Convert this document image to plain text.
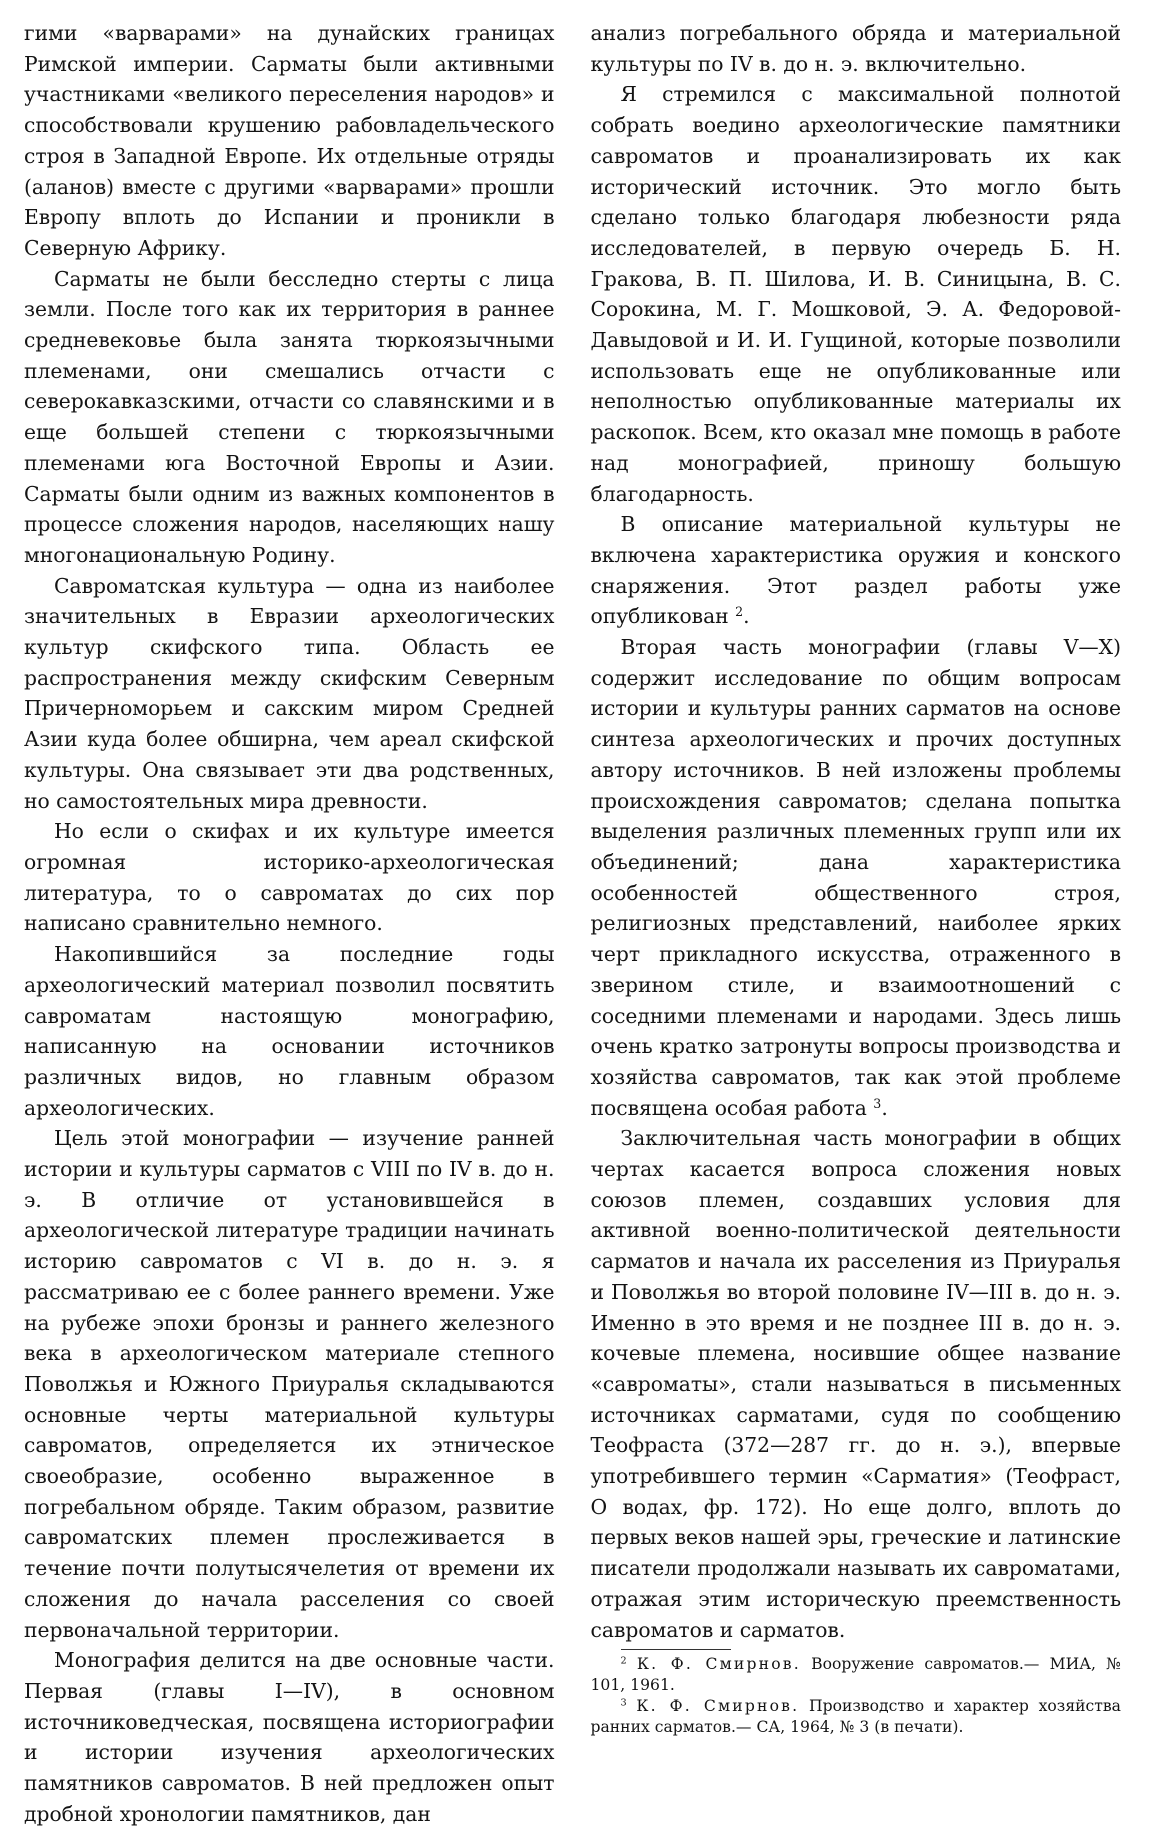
гими «варварами» на дунайских границах Римской империи. Сарматы были активными участниками «великого переселения народов» и способствовали крушению рабовладельческого строя в Западной Европе. Их отдельные отряды (аланов) вместе с другими «варварами» прошли Европу вплоть до Испании и проникли в Северную Африку.

Сарматы не были бесследно стерты с лица земли. После того как их территория в раннее средневековье была занята тюркоязычными племенами, они смешались отчасти с северокавказскими, отчасти со славянскими и в еще большей степени с тюркоязычными племенами юга Восточной Европы и Азии. Сарматы были одним из важных компонентов в процессе сложения народов, населяющих нашу многонациональную Родину.

Савроматская культура — одна из наиболее значительных в Евразии археологических культур скифского типа. Область ее распространения между скифским Северным Причерноморьем и сакским миром Средней Азии куда более обширна, чем ареал скифской культуры. Она связывает эти два родственных, но самостоятельных мира древности.

Но если о скифах и их культуре имеется огромная историко-археологическая литература, то о савроматах до сих пор написано сравнительно немного.

Накопившийся за последние годы археологический материал позволил посвятить савроматам настоящую монографию, написанную на основании источников различных видов, но главным образом археологических.

Цель этой монографии — изучение ранней истории и культуры сарматов с VIII по IV в. до н. э. В отличие от установившейся в археологической литературе традиции начинать историю савроматов с VI в. до н. э. я рассматриваю ее с более раннего времени. Уже на рубеже эпохи бронзы и раннего железного века в археологическом материале степного Поволжья и Южного Приуралья складываются основные черты материальной культуры савроматов, определяется их этническое своеобразие, особенно выраженное в погребальном обряде. Таким образом, развитие савроматских племен прослеживается в течение почти полутысячелетия от времени их сложения до начала расселения со своей первоначальной территории.

Монография делится на две основные части. Первая (главы I—IV), в основном источниковедческая, посвящена историографии и истории изучения археологических памятников савроматов. В ней предложен опыт дробной хронологии памятников, дан

анализ погребального обряда и материальной культуры по IV в. до н. э. включительно.

Я стремился с максимальной полнотой собрать воедино археологические памятники савроматов и проанализировать их как исторический источник. Это могло быть сделано только благодаря любезности ряда исследователей, в первую очередь Б. Н. Гракова, В. П. Шилова, И. В. Синицына, В. С. Сорокина, М. Г. Мошковой, Э. А. Федоровой-Давыдовой и И. И. Гущиной, которые позволили использовать еще не опубликованные или неполностью опубликованные материалы их раскопок. Всем, кто оказал мне помощь в работе над монографией, приношу большую благодарность.

В описание материальной культуры не включена характеристика оружия и конского снаряжения. Этот раздел работы уже опубликован $^2$.

Вторая часть монографии (главы V—X) содержит исследование по общим вопросам истории и культуры ранних сарматов на основе синтеза археологических и прочих доступных автору источников. В ней изложены проблемы происхождения савроматов; сделана попытка выделения различных племенных групп или их объединений; дана характеристика особенностей общественного строя, религиозных представлений, наиболее ярких черт прикладного искусства, отраженного в зверином стиле, и взаимоотношений с соседними племенами и народами. Здесь лишь очень кратко затронуты вопросы производства и хозяйства савроматов, так как этой проблеме посвящена особая работа $^3$.

Заключительная часть монографии в общих чертах касается вопроса сложения новых союзов племен, создавших условия для активной военно-политической деятельности сарматов и начала их расселения из Приуралья и Поволжья во второй половине IV—III в. до н. э. Именно в это время и не позднее III в. до н. э. кочевые племена, носившие общее название «савроматы», стали называться в письменных источниках сарматами, судя по сообщению Теофраста (372—287 гг. до н. э.), впервые употребившего термин «Сарматия» (Теофраст, О водах, фр. 172). Но еще долго, вплоть до первых веков нашей эры, греческие и латинские писатели продолжали называть их савроматами, отражая этим историческую преемственность савроматов и сарматов.

$^2$ К. Ф. Смирнов. Вооружение савроматов.— МИА, № 101, 1961.

$^3$ К. Ф. Смирнов. Производство и характер хозяйства ранних сарматов.— СА, 1964, № 3 (в печати).
